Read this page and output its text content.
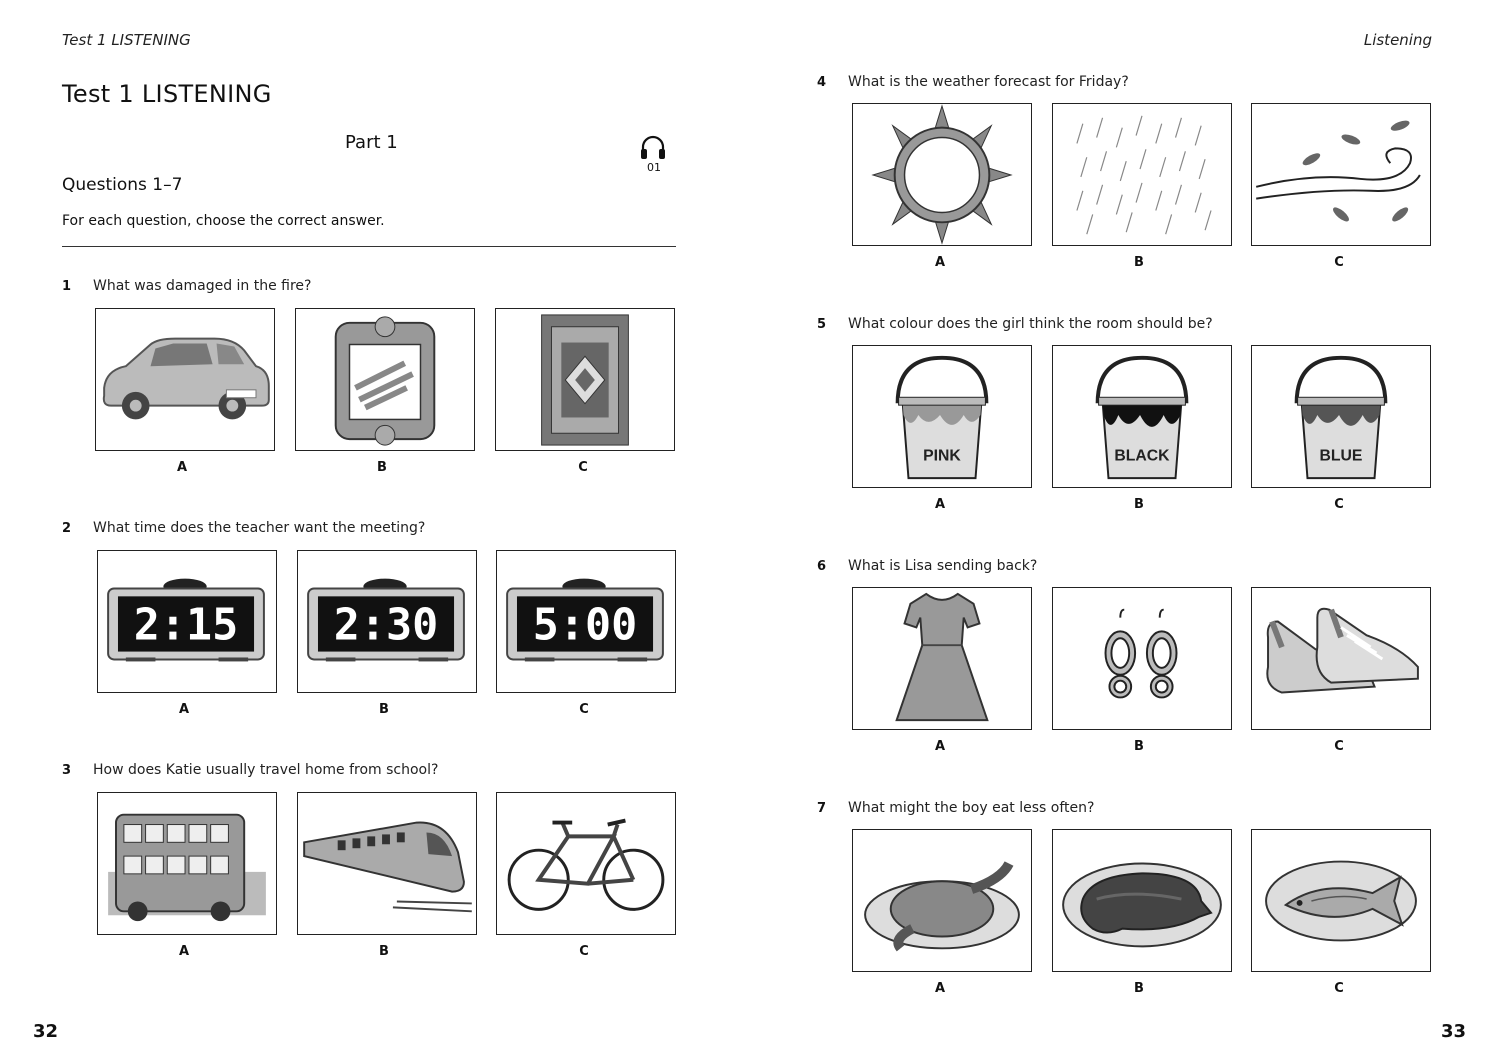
Test 1 LISTENING
Test 1 LISTENING
Part 1
01
Questions 1–7
For each question, choose the correct answer.
1 What was damaged in the fire?
A	B	C
2 What time does the teacher want the meeting?
2:15
A
2:30
B
5:00
C
3 How does Katie usually travel home from school?
A	B	C
32
Listening
4 What is the weather forecast for Friday?
A	B	C
5 What colour does the girl think the room should be?
PINK
A
BLACK
B
BLUE
C
6 What is Lisa sending back?
A	B	C
7 What might the boy eat less often?
A	B	C
33
